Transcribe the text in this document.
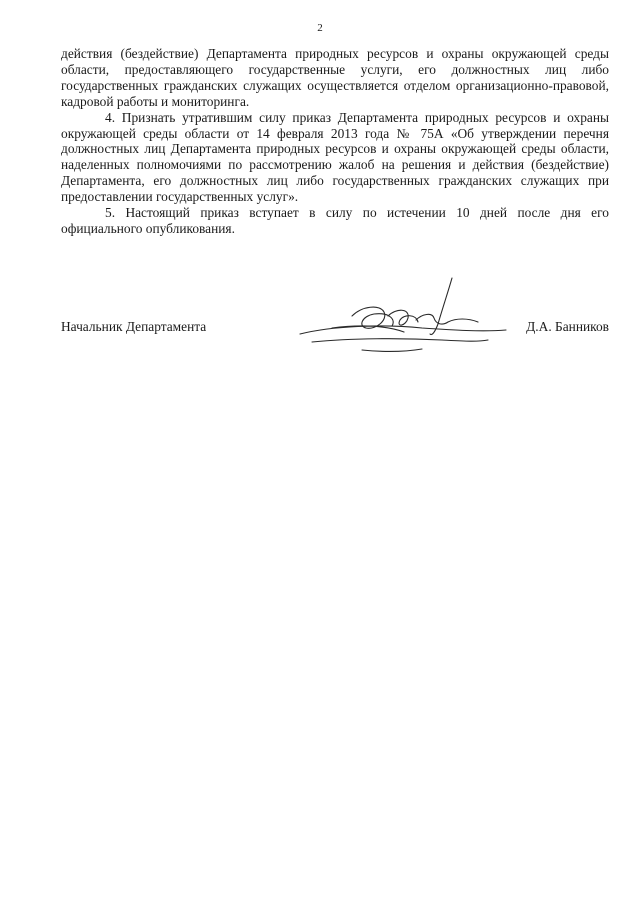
2

действия (бездействие) Департамента природных ресурсов и охраны окружающей среды области, предоставляющего государственные услуги, его должностных лиц либо государственных гражданских служащих осуществляется отделом организационно-правовой, кадровой работы и мониторинга.

4. Признать утратившим силу приказ Департамента природных ресурсов и охраны окружающей среды области от 14 февраля 2013 года № 75А «Об утверждении перечня должностных лиц Департамента природных ресурсов и охраны окружающей среды области, наделенных полномочиями по рассмотрению жалоб на решения и действия (бездействие) Департамента, его должностных лиц либо государственных гражданских служащих при предоставлении государственных услуг».

5. Настоящий приказ вступает в силу по истечении 10 дней после дня его официального опубликования.

Начальник Департамента	Д.А. Банников
